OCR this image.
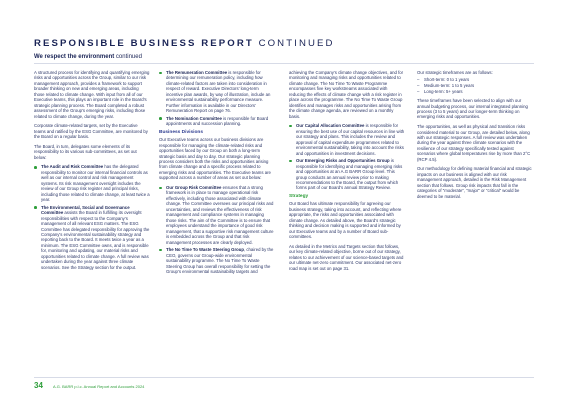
RESPONSIBLE BUSINESS REPORT CONTINUED
We respect the environment continued

A structured process for identifying and quantifying emerging risks and opportunities across the Group, similar to our risk management approach, provides a framework to support broader thinking on new and emerging areas, including those related to climate change. With input from all of our Executive teams, this plays an important role in the Board’s strategic planning process. The Board completed a robust assessment of the Group’s emerging risks, including those related to climate change, during the year.

Corporate climate-related targets, set by the Executive teams and ratified by the ESG Committee, are monitored by the Board on a regular basis.

The Board, in turn, delegates some elements of its responsibility to its various sub-committees, as set out below:

The Audit and Risk Committee has the delegated responsibility to monitor our internal financial controls as well as our internal control and risk management systems. Its risk management oversight includes the review of our Group risk register and principal risks, including those related to climate change, at least twice a year.
The Environmental, Social and Governance Committee assists the Board in fulfilling its oversight responsibilities with respect to the Company’s management of all relevant ESG matters. The ESG Committee has delegated responsibility for approving the Company’s environmental sustainability strategy and reporting back to the Board. It meets twice a year as a minimum. The ESG Committee owns, and is responsible for, monitoring and updating, our material risks and opportunities related to climate change. A full review was undertaken during the year against three climate scenarios. See the Strategy section for the output.
The Remuneration Committee is responsible for determining our remuneration policy, including how climate-related factors are taken into consideration in respect of reward. Executive Directors’ long-term incentive plan awards, by way of illustration, include an environmental sustainability performance measure. Further information is available in our Directors’ Remuneration Report on page 76.
The Nomination Committee is responsible for Board appointments and succession planning.
Business Divisions

Our Executive teams across our business divisions are responsible for managing the climate-related risks and opportunities faced by our Group on both a long-term strategic basis and day to day. Our strategic planning process considers both the risks and opportunities arising from climate change and a specific process related to emerging risks and opportunities. The Executive teams are supported across a number of areas as set out below:

Our Group Risk Committee ensures that a strong framework is in place to manage operational risk effectively, including those associated with climate change. The Committee oversees our principal risks and uncertainties, and reviews the effectiveness of risk management and compliance systems in managing those risks. The aim of the Committee is to ensure that employees understand the importance of good risk management, that a supportive risk management culture is embedded across the Group and that risk management processes are clearly deployed.
The No Time To Waste Steering Group, chaired by the CEO, governs our Group-wide environmental sustainability programme. The No Time To Waste Steering Group has overall responsibility for setting the Group’s environmental sustainability targets and

achieving the Company’s climate change objectives, and for monitoring and managing risks and opportunities related to climate change. The No Time To Waste Programme encompasses five key workstreams associated with reducing the effects of climate change with a risk register in place across the programme. The No Time To Waste Group identifies and manages risks and opportunities arising from the climate change agenda, are reviewed on a monthly basis.

Our Capital Allocation Committee is responsible for ensuring the best use of our capital resources in line with our strategy and plans. This includes the review and approval of capital expenditure programmes related to environmental sustainability, taking into account the risks and opportunities in investment decisions.
Our Emerging Risks and Opportunities Group is responsible for identifying and managing emerging risks and opportunities at an A.G BARR Group level. This group conducts an annual review prior to making recommendations to the Board, the output from which forms part of our Board’s annual Strategy Review.
Strategy

Our Board has ultimate responsibility for agreeing our business strategy, taking into account, and reflecting where appropriate, the risks and opportunities associated with climate change. As detailed above, the Board’s strategic thinking and decision making is supported and informed by our Executive teams and by a number of Board sub-committees.

As detailed in the Metrics and Targets section that follows, our key climate-related objective, borne out of our strategy, relates to our achievement of our science-based targets and our ultimate net-zero commitment. Our associated net-zero road map is set out on page 31.

Our strategic timeframes are as follows:

– Short-term: 0 to 1 years
– Medium-term: 1 to 5 years
– Long-term: 5+ years

These timeframes have been selected to align with our annual budgeting process, our internal integrated planning process (3 to 5 years) and our longer-term thinking on emerging risks and opportunities.

The opportunities, as well as physical and transition risks considered material to our Group, are detailed below, along with our strategic responses. A full review was undertaken during the year against three climate scenarios with the resilience of our strategy specifically tested against scenarios where global temperatures rise by more than 2°C (RCP 4.5).

Our methodology for defining material financial and strategic impacts on our business is aligned with our risk management approach, detailed in the Risk Management section that follows. Group risk impacts that fall in the categories of “moderate”, “major” or “critical” would be deemed to be material.

34	A.G. BARR p.l.c. Annual Report and Accounts 2024
